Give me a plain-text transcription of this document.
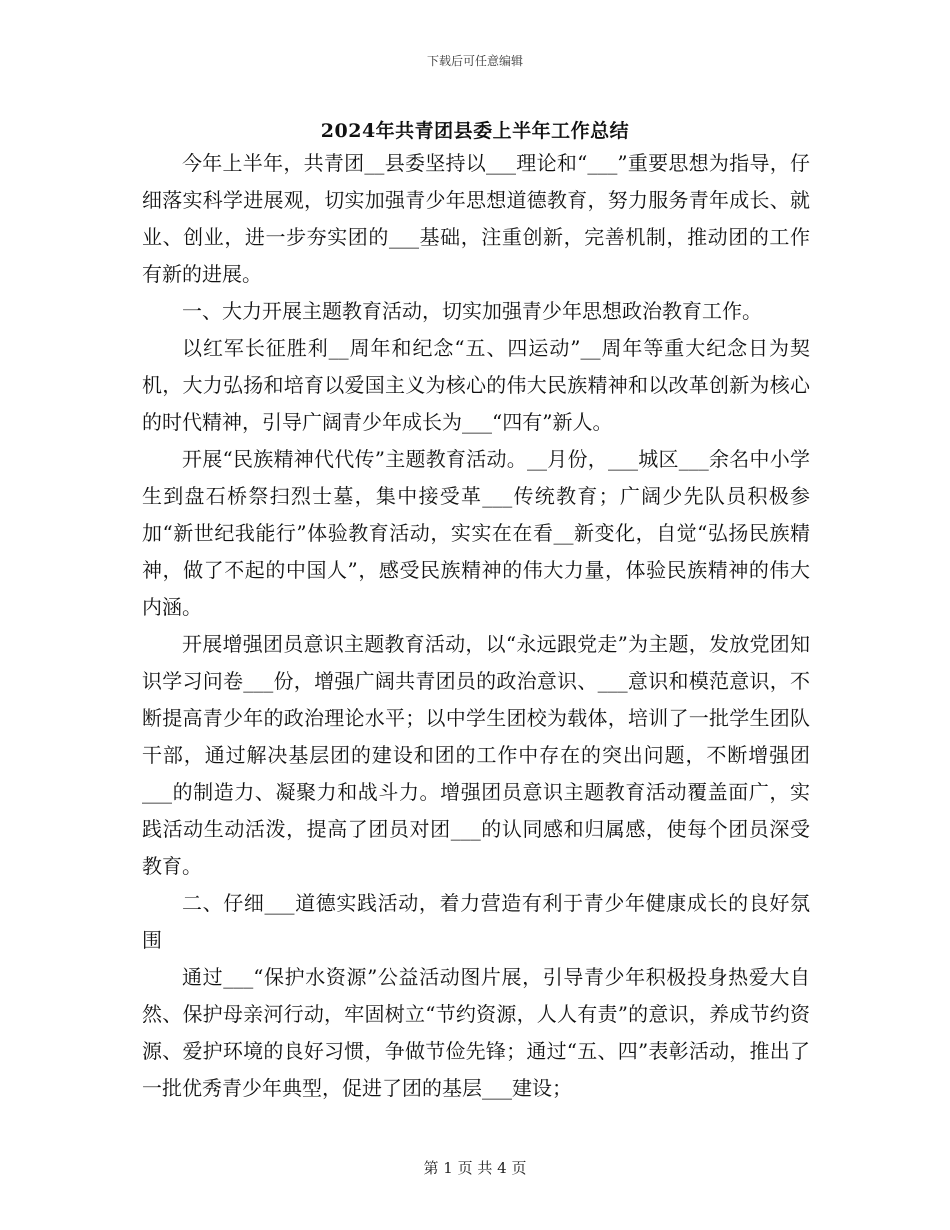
下载后可任意编辑
2024年共青团县委上半年工作总结

今年上半年，共青团__县委坚持以___理论和“___”重要思想为指导，仔细落实科学进展观，切实加强青少年思想道德教育，努力服务青年成长、就业、创业，进一步夯实团的___基础，注重创新，完善机制，推动团的工作有新的进展。

一、大力开展主题教育活动，切实加强青少年思想政治教育工作。

以红军长征胜利__周年和纪念“五、四运动”__周年等重大纪念日为契机，大力弘扬和培育以爱国主义为核心的伟大民族精神和以改革创新为核心的时代精神，引导广阔青少年成长为___“四有”新人。

开展“民族精神代代传”主题教育活动。__月份，___城区___余名中小学生到盘石桥祭扫烈士墓，集中接受革___传统教育；广阔少先队员积极参加“新世纪我能行”体验教育活动，实实在在看__新变化，自觉“弘扬民族精神，做了不起的中国人”，感受民族精神的伟大力量，体验民族精神的伟大内涵。

开展增强团员意识主题教育活动，以“永远跟党走”为主题，发放党团知识学习问卷___份，增强广阔共青团员的政治意识、___意识和模范意识，不断提高青少年的政治理论水平；以中学生团校为载体，培训了一批学生团队干部，通过解决基层团的建设和团的工作中存在的突出问题，不断增强团___的制造力、凝聚力和战斗力。增强团员意识主题教育活动覆盖面广，实践活动生动活泼，提高了团员对团___的认同感和归属感，使每个团员深受教育。

二、仔细___道德实践活动，着力营造有利于青少年健康成长的良好氛围

通过___“保护水资源”公益活动图片展，引导青少年积极投身热爱大自然、保护母亲河行动，牢固树立“节约资源，人人有责”的意识，养成节约资源、爱护环境的良好习惯，争做节俭先锋；通过“五、四”表彰活动，推出了一批优秀青少年典型，促进了团的基层___建设；

第 1 页 共 4 页
